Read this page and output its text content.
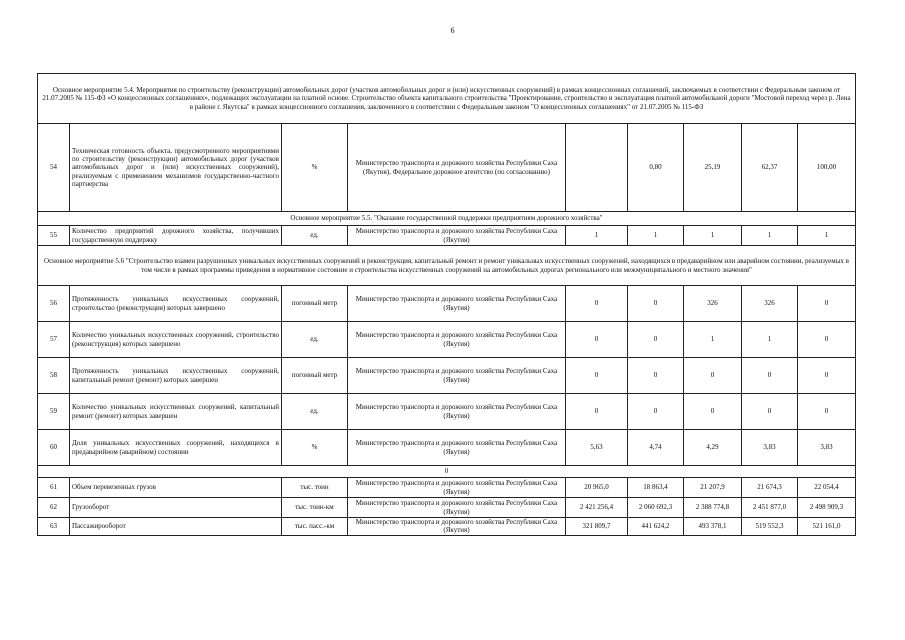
6
Основное мероприятие 5.4. Мероприятия по строительству (реконструкции) автомобильных дорог (участков автомобильных дорог и (или) искусственных сооружений) в рамках концессионных соглашений, заключаемых в соответствии с Федеральным законом от 21.07.2005 № 115-ФЗ «О концессионных соглашениях», подлежащих эксплуатации на платной основе. Строительство объекта капитального строительства "Проектирование, строительство и эксплуатация платной автомобильной дороги "Мостовой переход через р. Лена в районе г. Якутска" в рамках концессионного соглашения, заключенного в соответствии с Федеральным законом "О концессионных соглашениях" от 21.07.2005 № 115-ФЗ								
54	Техническая готовность объекта, предусмотренного мероприятиями по строительству (реконструкции) автомобильных дорог (участков автомобильных дорог и (или) искусственных сооружений), реализуемым с применением механизмов государственно-частного партнерства	%	Министерство транспорта и дорожного хозяйства Республики Саха (Якутия), Федеральное дорожное агентство (по согласованию)		0,80	25,19	62,37	100,00
Основное мероприятие 5.5. "Оказание государственной поддержки предприятиям дорожного хозяйства"								
55	Количество предприятий дорожного хозяйства, получивших государственную поддержку	ед.	Министерство транспорта и дорожного хозяйства Республики Саха (Якутия)	1	1	1	1	1
Основное мероприятие 5.6 "Строительство взамен разрушенных уникальных искусственных сооружений и реконструкция, капитальный ремонт и ремонт уникальных искусственных сооружений, находящихся в предаварийном или аварийном состоянии, реализуемых в том числе в рамках программы приведения в нормативное состояние и строительства искусственных сооружений на автомобильных дорогах регионального или межмуниципального и местного значения"								
56	Протяженность уникальных искусственных сооружений, строительство (реконструкция) которых завершено	погонный метр	Министерство транспорта и дорожного хозяйства Республики Саха (Якутия)	0	0	326	326	0
57	Количество уникальных искусственных сооружений, строительство (реконструкция) которых завершено	ед.	Министерство транспорта и дорожного хозяйства Республики Саха (Якутия)	0	0	1	1	0
58	Протяженность уникальных искусственных сооружений, капитальный ремонт (ремонт) которых завершен	погонный метр	Министерство транспорта и дорожного хозяйства Республики Саха (Якутия)	0	0	0	0	0
59	Количество уникальных искусственных сооружений, капитальный ремонт (ремонт) которых завершен	ед.	Министерство транспорта и дорожного хозяйства Республики Саха (Якутия)	0	0	0	0	0
60	Доля уникальных искусственных сооружений, находящихся в предаварийном (аварийном) состоянии	%	Министерство транспорта и дорожного хозяйства Республики Саха (Якутия)	5,63	4,74	4,29	3,83	3,83
0								
61	Объем перевезенных грузов	тыс. тонн	Министерство транспорта и дорожного хозяйства Республики Саха (Якутия)	20 965,0	18 863,4	21 207,9	21 674,3	22 054,4
62	Грузооборот	тыс. тонн-км	Министерство транспорта и дорожного хозяйства Республики Саха (Якутия)	2 421 256,4	2 060 692,3	2 388 774,8	2 451 877,0	2 498 909,3
63	Пассажирооборот	тыс. пасс.-км	Министерство транспорта и дорожного хозяйства Республики Саха (Якутия)	321 809,7	441 624,2	493 378,1	519 552,3	521 161,0
